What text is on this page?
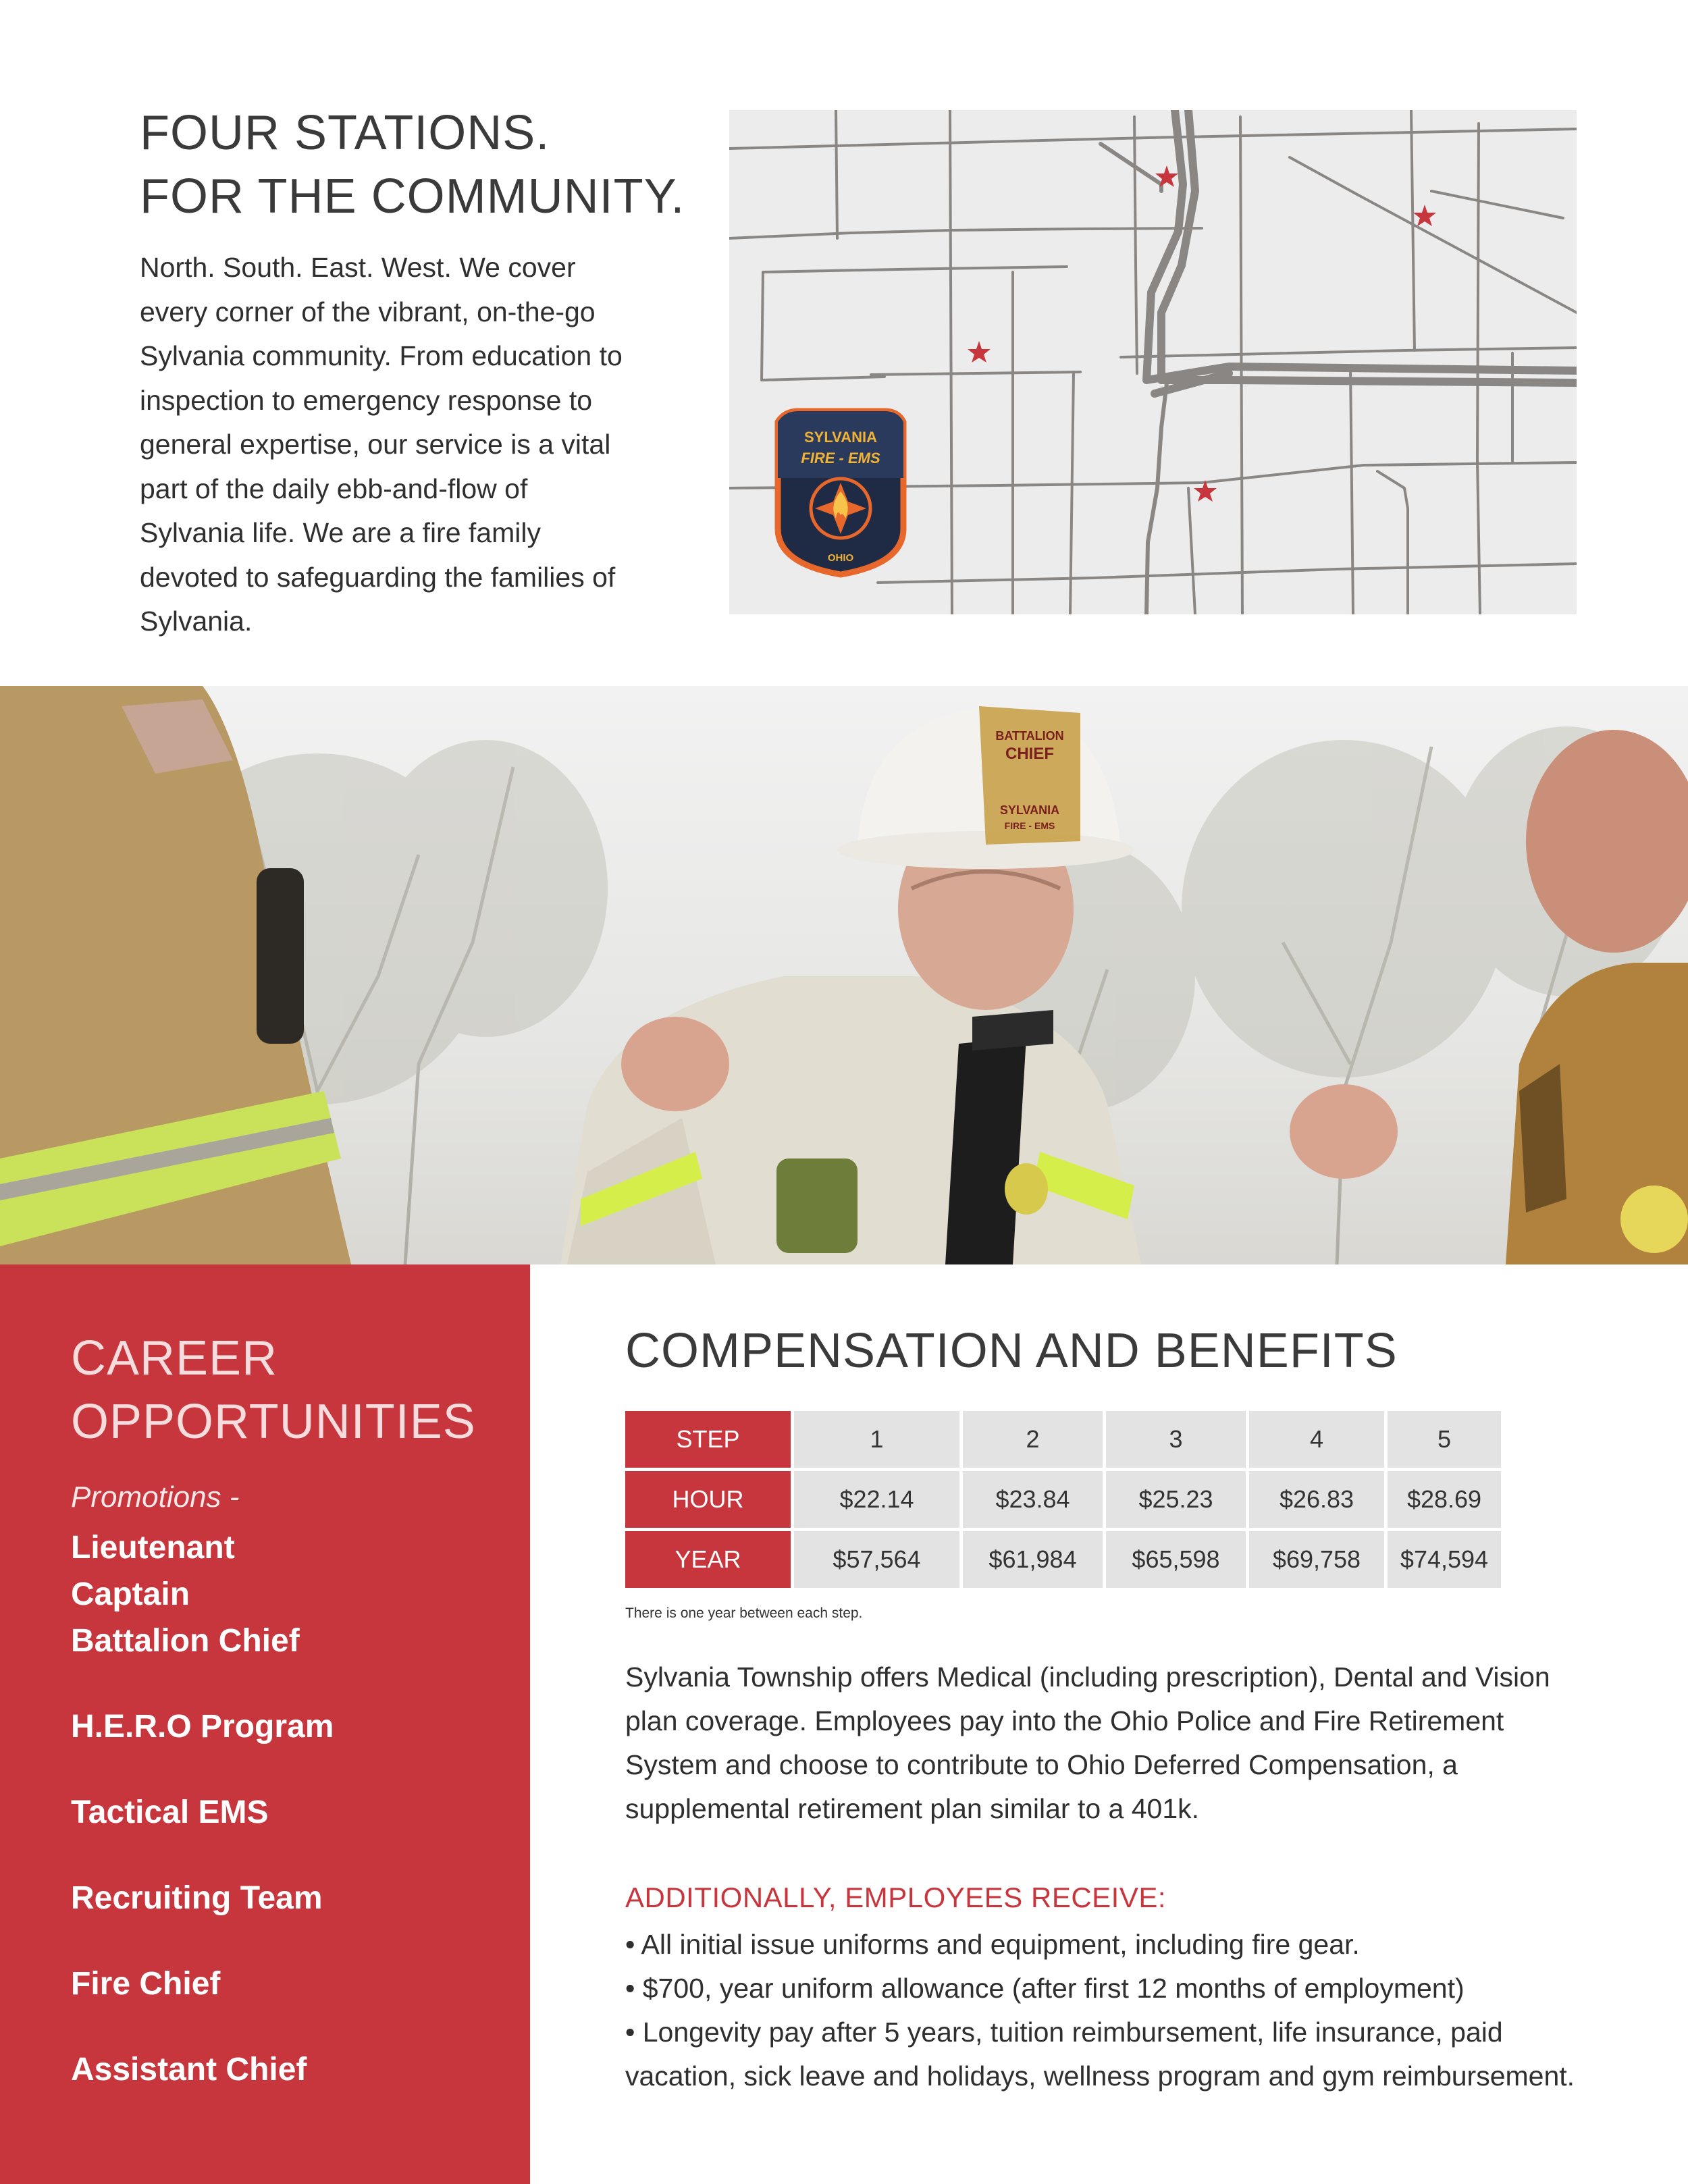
FOUR STATIONS.
FOR THE COMMUNITY.

North. South. East. West. We cover every corner of the vibrant, on-the-go Sylvania community. From education to inspection to emergency response to general expertise, our service is a vital part of the daily ebb-and-flow of Sylvania life. We are a fire family devoted to safeguarding the families of Sylvania.

SYLVANIA
FIRE - EMS
OHIO
BATTALION
CHIEF
SYLVANIA
FIRE - EMS
CAREER
OPPORTUNITIES
Promotions -
Lieutenant
Captain
Battalion Chief
H.E.R.O Program
Tactical EMS
Recruiting Team
Fire Chief
Assistant Chief
COMPENSATION AND BENEFITS
STEP	1	2	3	4	5
HOUR	$22.14	$23.84	$25.23	$26.83	$28.69
YEAR	$57,564	$61,984	$65,598	$69,758	$74,594
There is one year between each step.

Sylvania Township offers Medical (including prescription), Dental and Vision plan coverage. Employees pay into the Ohio Police and Fire Retirement System and choose to contribute to Ohio Deferred Compensation, a supplemental retirement plan similar to a 401k.

ADDITIONALLY, EMPLOYEES RECEIVE:
• All initial issue uniforms and equipment, including fire gear.
• $700, year uniform allowance (after first 12 months of employment)
• Longevity pay after 5 years, tuition reimbursement, life insurance, paid vacation, sick leave and holidays, wellness program and gym reimbursement.
